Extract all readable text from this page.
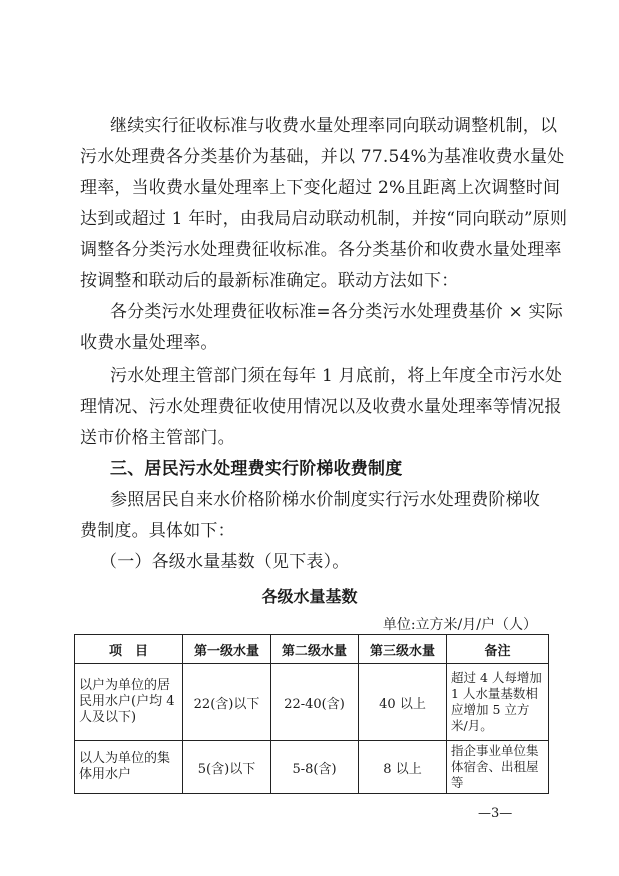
继续实行征收标准与收费水量处理率同向联动调整机制，以
污水处理费各分类基价为基础，并以 77.54%为基准收费水量处
理率，当收费水量处理率上下变化超过 2%且距离上次调整时间
达到或超过 1 年时，由我局启动联动机制，并按“同向联动”原则
调整各分类污水处理费征收标准。各分类基价和收费水量处理率
按调整和联动后的最新标准确定。联动方法如下：
各分类污水处理费征收标准=各分类污水处理费基价 × 实际
收费水量处理率。
污水处理主管部门须在每年 1 月底前，将上年度全市污水处
理情况、污水处理费征收使用情况以及收费水量处理率等情况报
送市价格主管部门。
三、居民污水处理费实行阶梯收费制度
参照居民自来水价格阶梯水价制度实行污水处理费阶梯收
费制度。具体如下：
（一）各级水量基数（见下表）。
各级水量基数
单位:立方米/月/户（人）
项　目	第一级水量	第二级水量	第三级水量	备注
以户为单位的居民用水户(户均 4 人及以下)	22(含)以下	22-40(含)	40 以上	超过 4 人每增加 1 人水量基数相应增加 5 立方米/月。
以人为单位的集体用水户	5(含)以下	5-8(含)	8 以上	指企事业单位集体宿舍、出租屋等
—3—
